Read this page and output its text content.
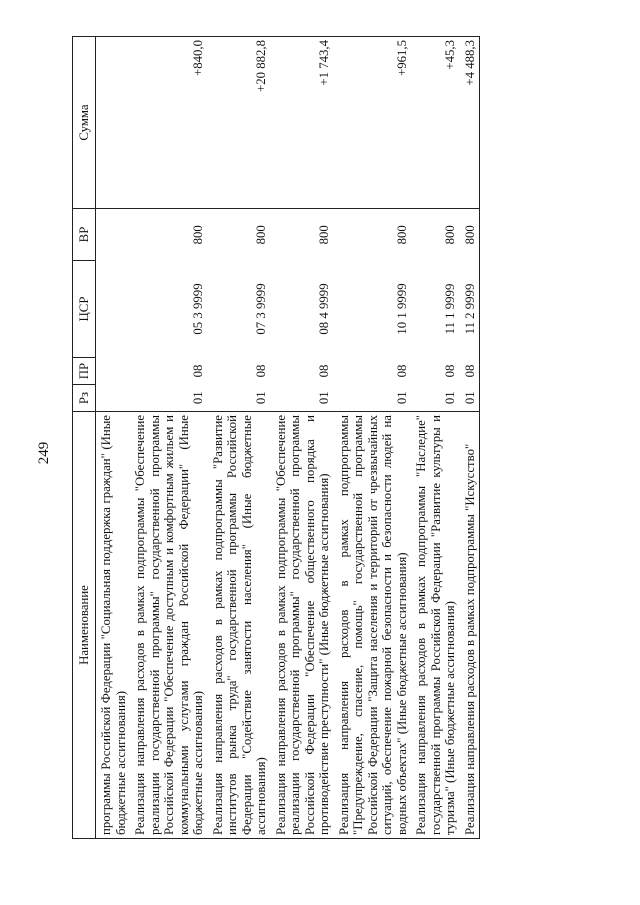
249
Наименование	Рз	ПР	ЦСР	ВР	Сумма
программы Российской Федерации "Социальная поддержка граждан" (Иные бюджетные ассигнования)					
Реализация направления расходов в рамках подпрограммы "Обеспечение реализации государственной программы" государственной программы Российской Федерации "Обеспечение доступным и комфортным жильем и коммунальными услугами граждан Российской Федерации" (Иные бюджетные ассигнования)	01	08	05 3 9999	800	+840,0
Реализация направления расходов в рамках подпрограммы "Развитие институтов рынка труда" государственной программы Российской Федерации "Содействие занятости населения" (Иные бюджетные ассигнования)	01	08	07 3 9999	800	+20 882,8
Реализация направления расходов в рамках подпрограммы "Обеспечение реализации государственной программы" государственной программы Российской Федерации "Обеспечение общественного порядка и противодействие преступности" (Иные бюджетные ассигнования)	01	08	08 4 9999	800	+1 743,4
Реализация направления расходов в рамках подпрограммы "Предупреждение, спасение, помощь" государственной программы Российской Федерации "Защита населения и территорий от чрезвычайных ситуаций, обеспечение пожарной безопасности и безопасности людей на водных объектах" (Иные бюджетные ассигнования)	01	08	10 1 9999	800	+961,5
Реализация направления расходов в рамках подпрограммы "Наследие" государственной программы Российской Федерации "Развитие культуры и туризма" (Иные бюджетные ассигнования)	01	08	11 1 9999	800	+45,3
Реализация направления расходов в рамках подпрограммы "Искусство"	01	08	11 2 9999	800	+4 488,3
